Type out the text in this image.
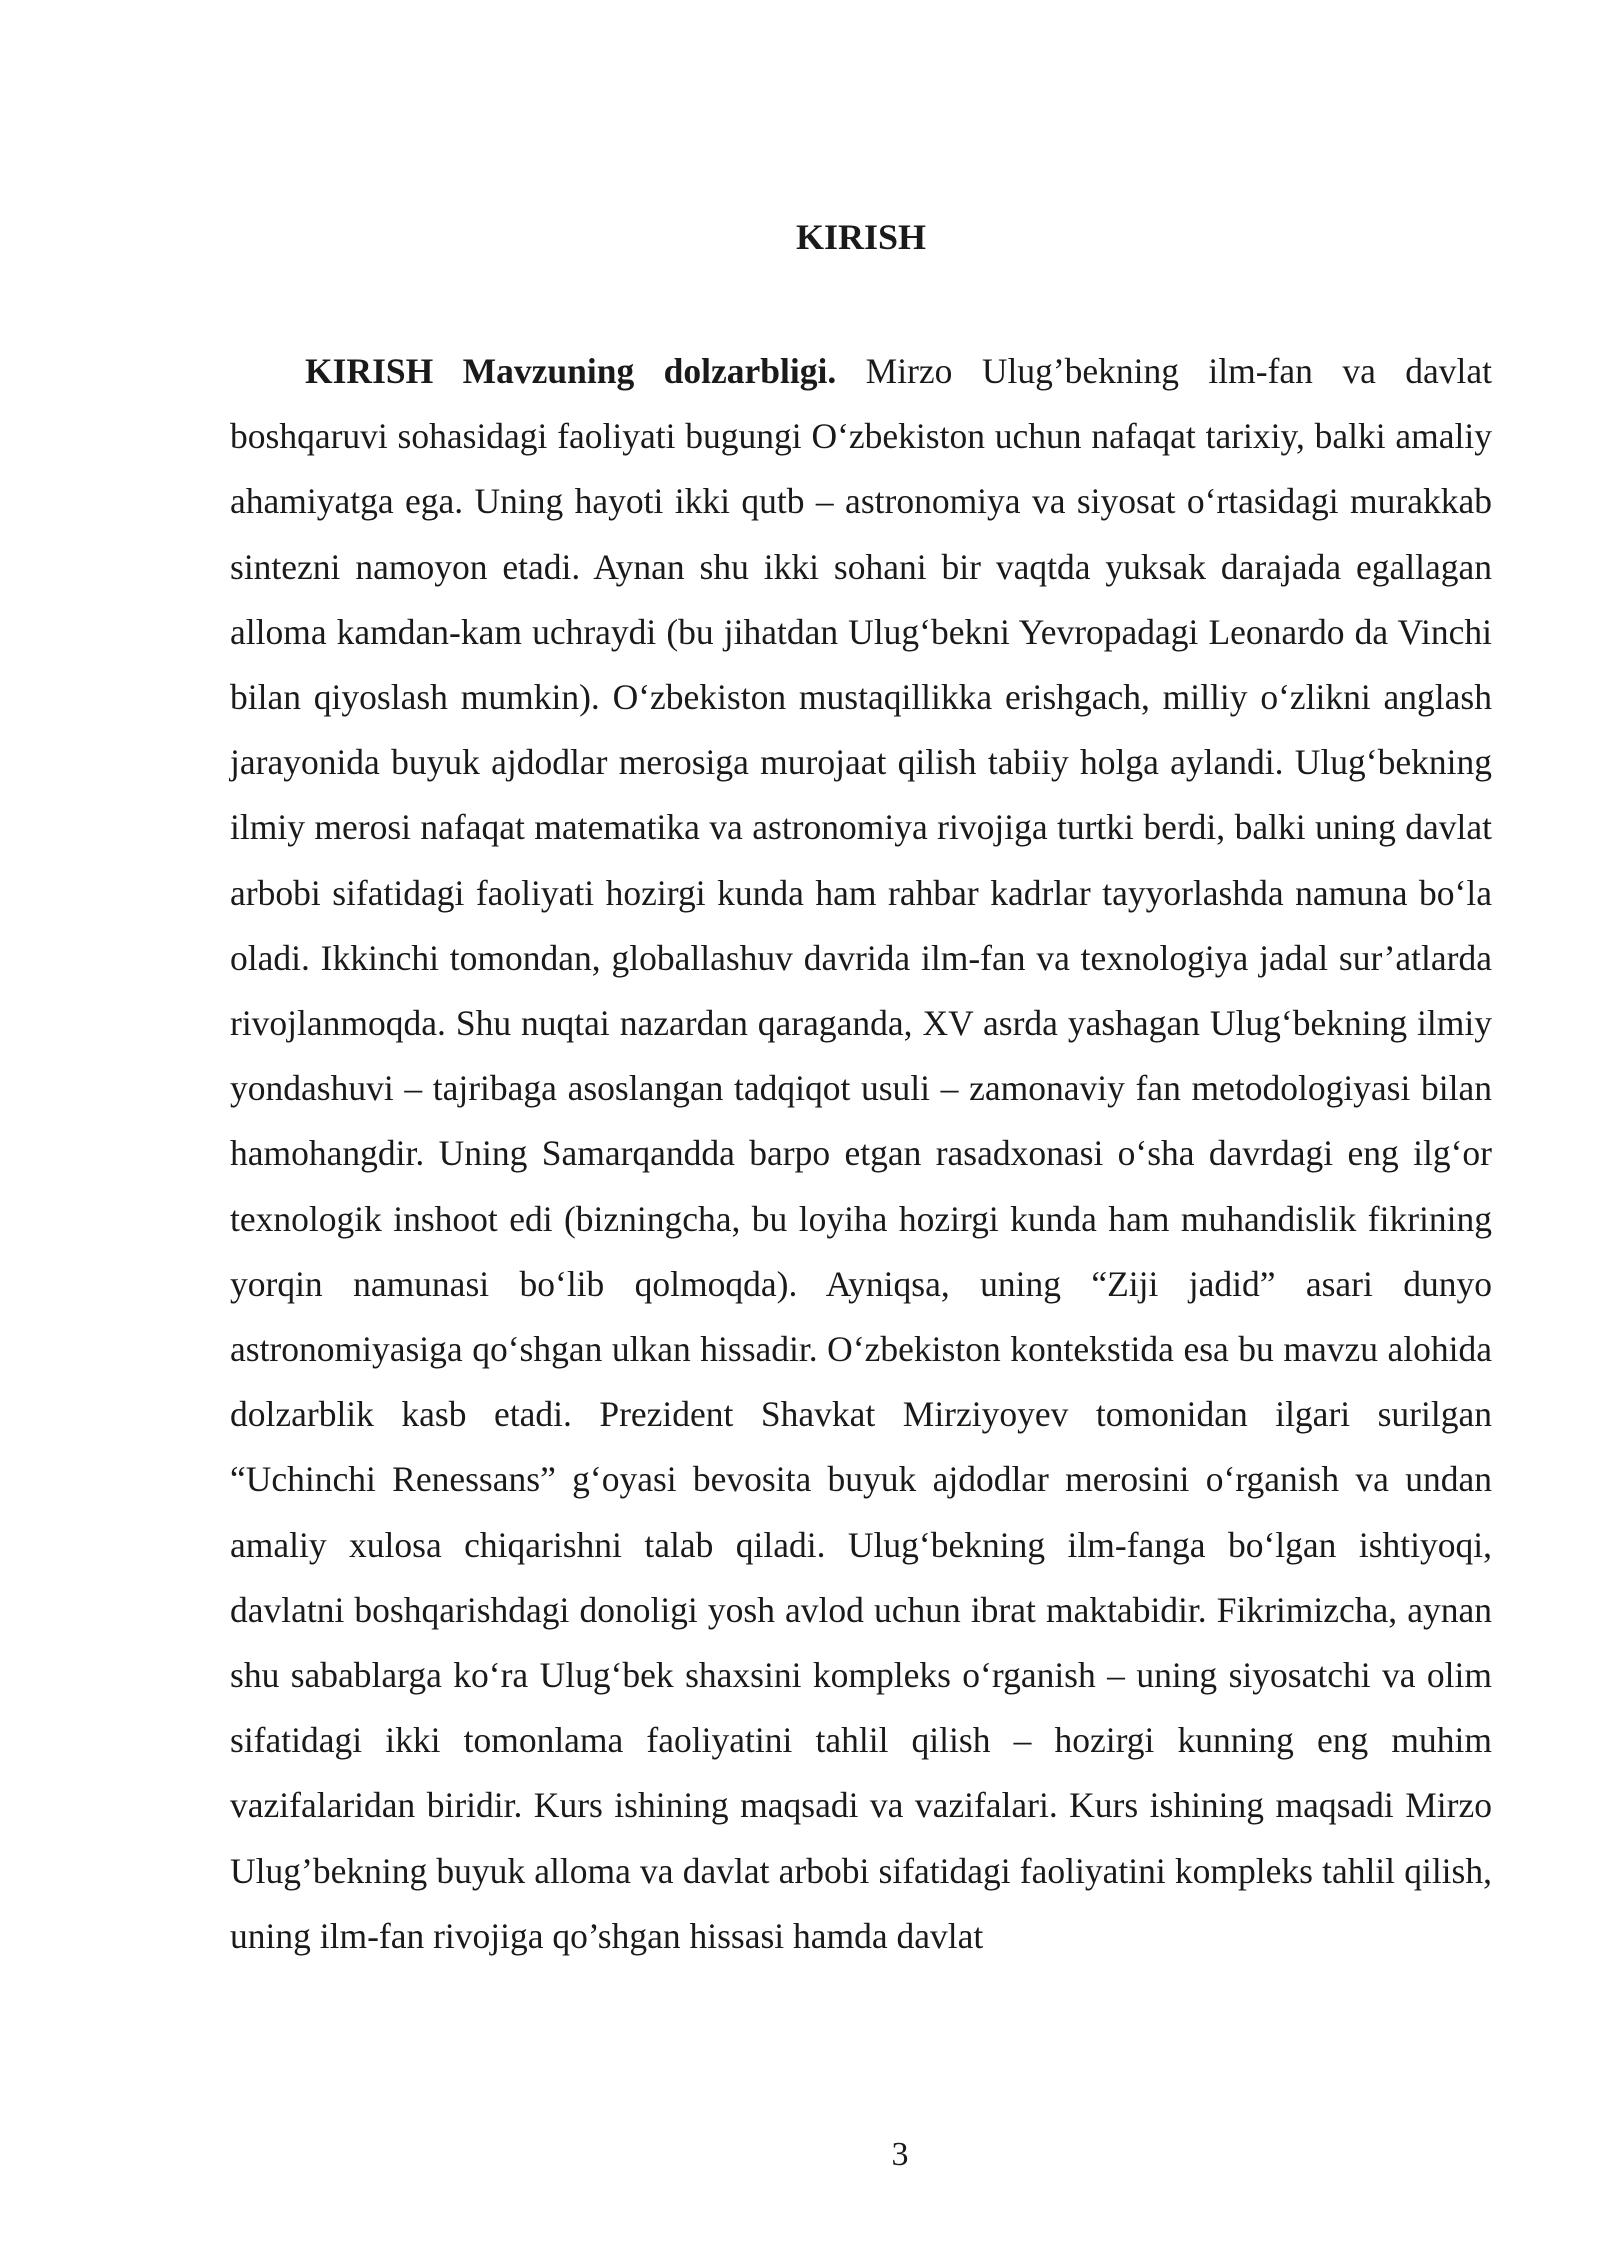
KIRISH

KIRISH Mavzuning dolzarbligi. Mirzo Ulug’bekning ilm-fan va davlat boshqaruvi sohasidagi faoliyati bugungi O‘zbekiston uchun nafaqat tarixiy, balki amaliy ahamiyatga ega. Uning hayoti ikki qutb – astronomiya va siyosat o‘rtasidagi murakkab sintezni namoyon etadi. Aynan shu ikki sohani bir vaqtda yuksak darajada egallagan alloma kamdan-kam uchraydi (bu jihatdan Ulug‘bekni Yevropadagi Leonardo da Vinchi bilan qiyoslash mumkin). O‘zbekiston mustaqillikka erishgach, milliy o‘zlikni anglash jarayonida buyuk ajdodlar merosiga murojaat qilish tabiiy holga aylandi. Ulug‘bekning ilmiy merosi nafaqat matematika va astronomiya rivojiga turtki berdi, balki uning davlat arbobi sifatidagi faoliyati hozirgi kunda ham rahbar kadrlar tayyorlashda namuna bo‘la oladi. Ikkinchi tomondan, globallashuv davrida ilm-fan va texnologiya jadal sur’atlarda rivojlanmoqda. Shu nuqtai nazardan qaraganda, XV asrda yashagan Ulug‘bekning ilmiy yondashuvi – tajribaga asoslangan tadqiqot usuli – zamonaviy fan metodologiyasi bilan hamohangdir. Uning Samarqandda barpo etgan rasadxonasi o‘sha davrdagi eng ilg‘or texnologik inshoot edi (bizningcha, bu loyiha hozirgi kunda ham muhandislik fikrining yorqin namunasi bo‘lib qolmoqda). Ayniqsa, uning “Ziji jadid” asari dunyo astronomiyasiga qo‘shgan ulkan hissadir. O‘zbekiston kontekstida esa bu mavzu alohida dolzarblik kasb etadi. Prezident Shavkat Mirziyoyev tomonidan ilgari surilgan “Uchinchi Renessans” g‘oyasi bevosita buyuk ajdodlar merosini o‘rganish va undan amaliy xulosa chiqarishni talab qiladi. Ulug‘bekning ilm-fanga bo‘lgan ishtiyoqi, davlatni boshqarishdagi donoligi yosh avlod uchun ibrat maktabidir. Fikrimizcha, aynan shu sabablarga ko‘ra Ulug‘bek shaxsini kompleks o‘rganish – uning siyosatchi va olim sifatidagi ikki tomonlama faoliyatini tahlil qilish – hozirgi kunning eng muhim vazifalaridan biridir. Kurs ishining maqsadi va vazifalari. Kurs ishining maqsadi Mirzo Ulug’bekning buyuk alloma va davlat arbobi sifatidagi faoliyatini kompleks tahlil qilish, uning ilm-fan rivojiga qo’shgan hissasi hamda davlat

3
